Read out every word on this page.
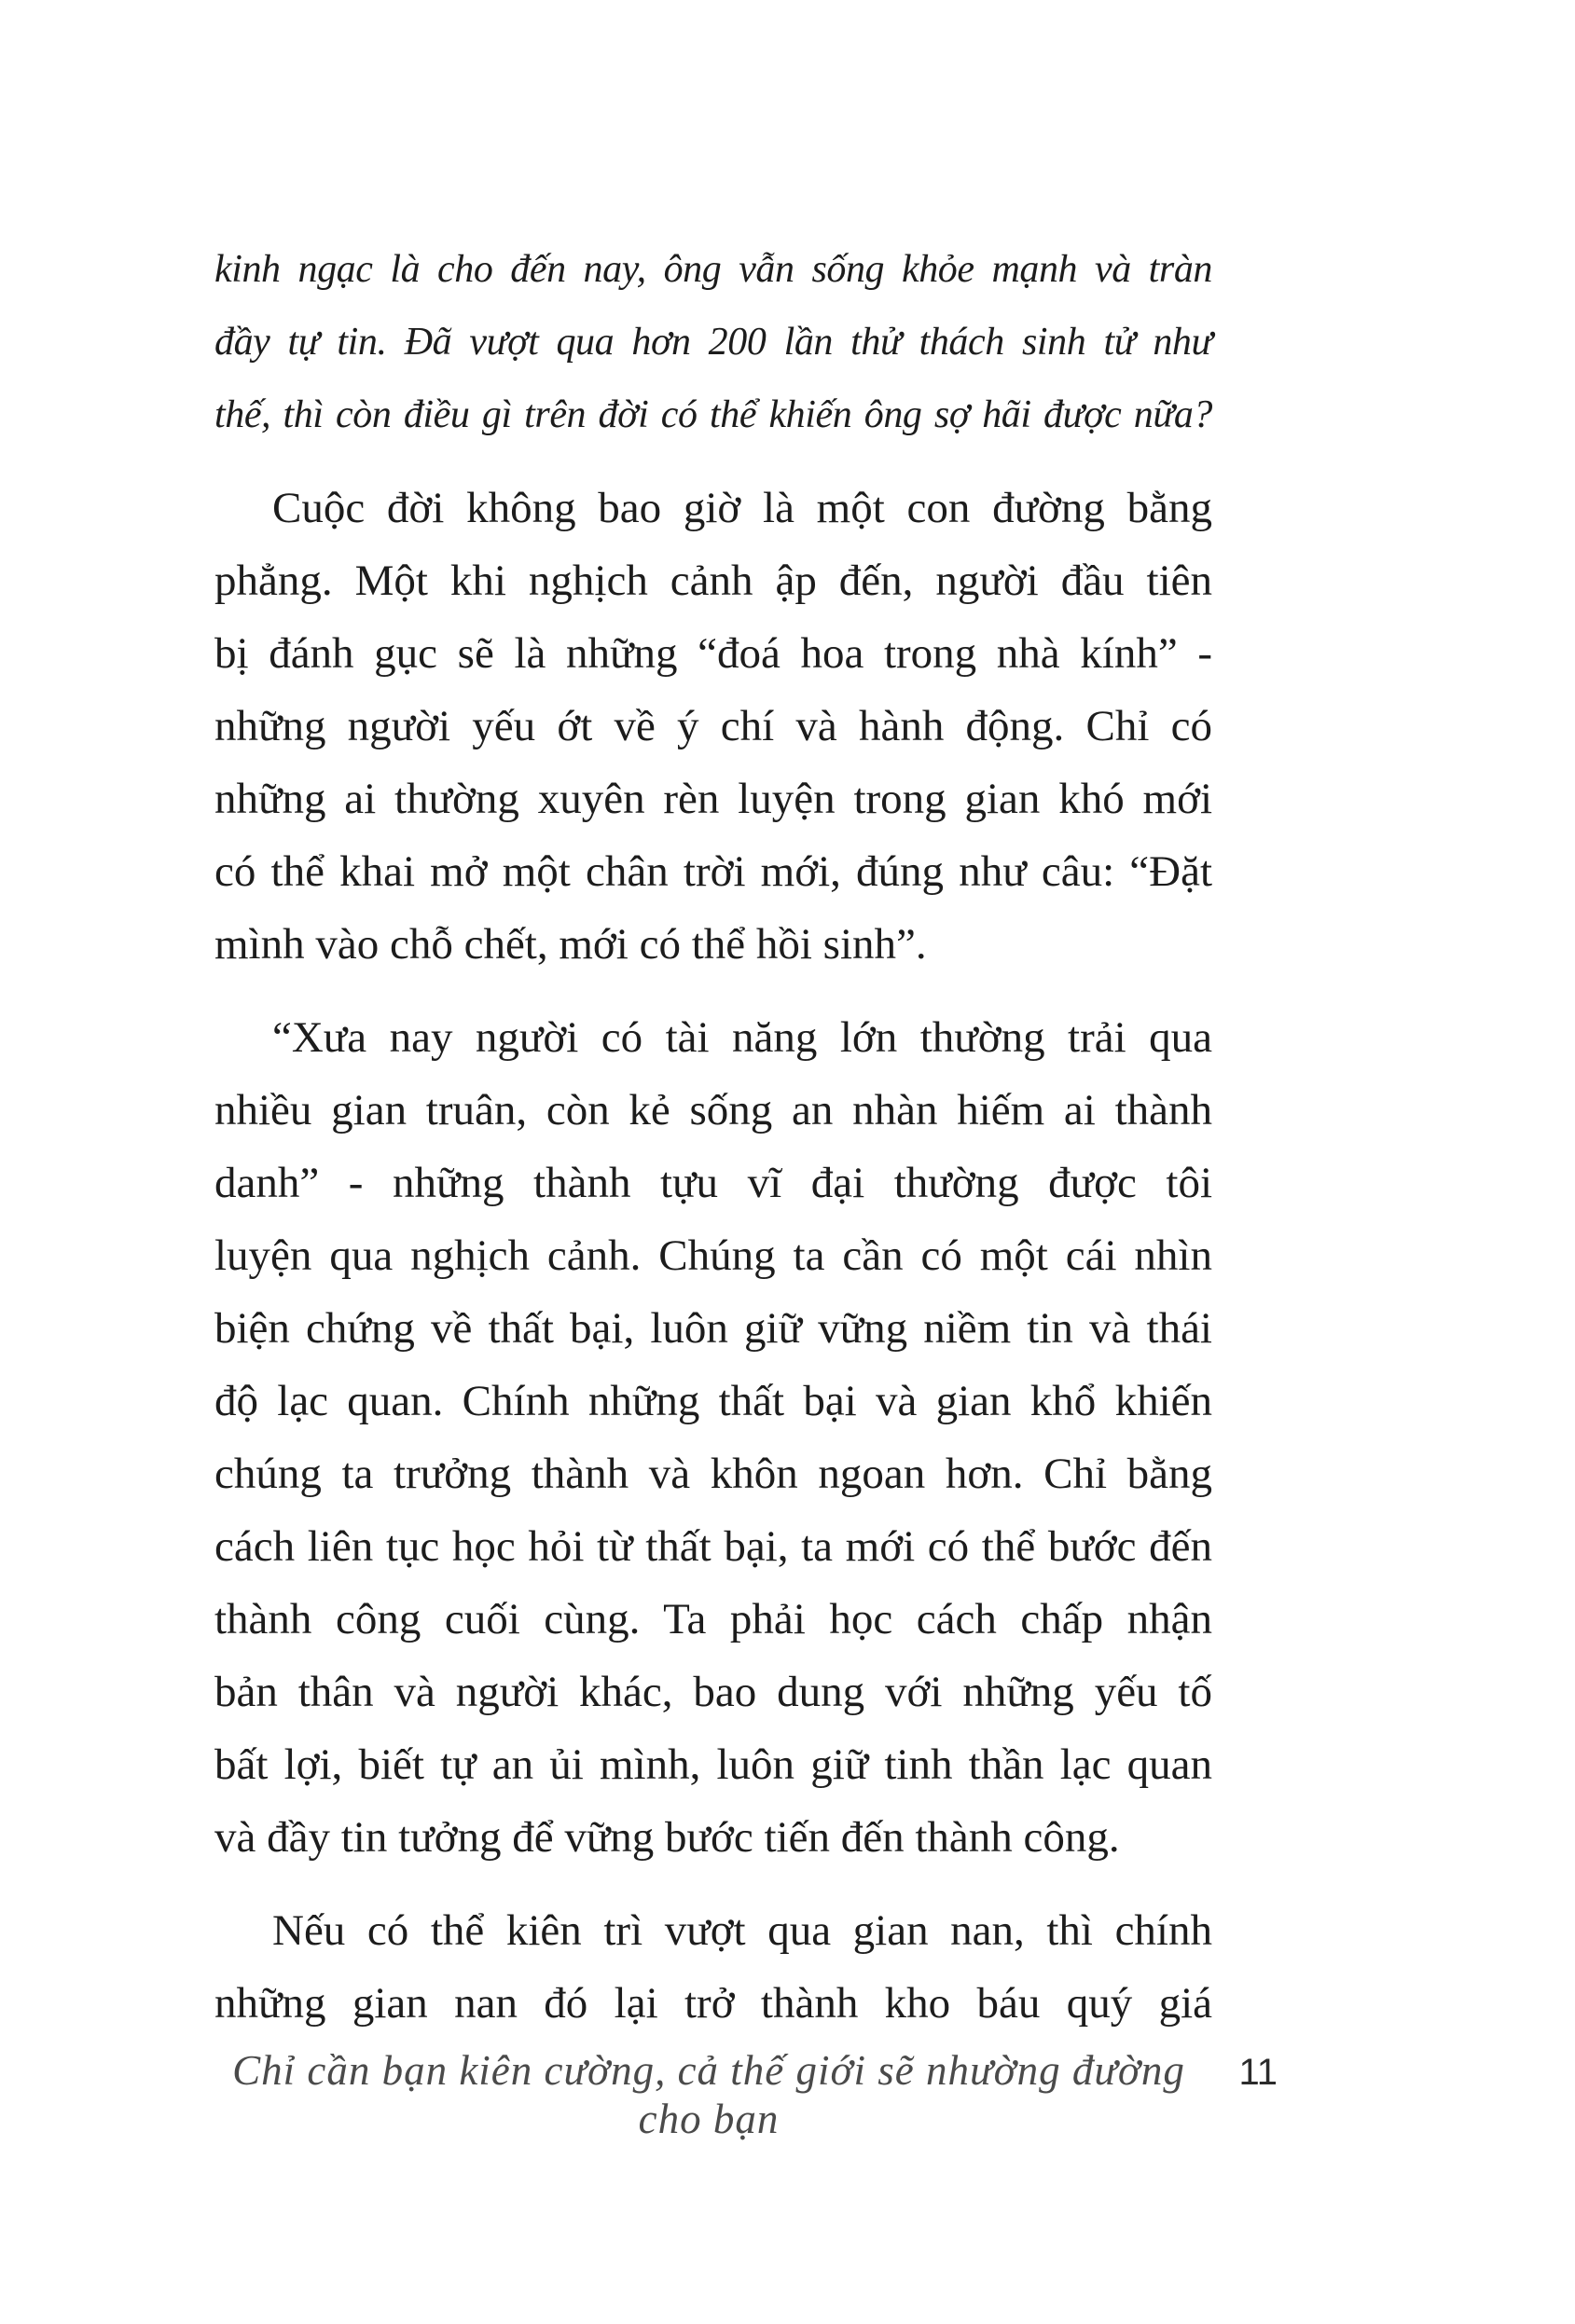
kinh ngạc là cho đến nay, ông vẫn sống khỏe mạnh và tràn
đầy tự tin. Đã vượt qua hơn 200 lần thử thách sinh tử như
thế, thì còn điều gì trên đời có thể khiến ông sợ hãi được nữa?
Cuộc đời không bao giờ là một con đường bằng
phẳng. Một khi nghịch cảnh ập đến, người đầu tiên
bị đánh gục sẽ là những “đoá hoa trong nhà kính” -
những người yếu ớt về ý chí và hành động. Chỉ có
những ai thường xuyên rèn luyện trong gian khó mới
có thể khai mở một chân trời mới, đúng như câu: “Đặt
mình vào chỗ chết, mới có thể hồi sinh”.
“Xưa nay người có tài năng lớn thường trải qua
nhiều gian truân, còn kẻ sống an nhàn hiếm ai thành
danh” - những thành tựu vĩ đại thường được tôi
luyện qua nghịch cảnh. Chúng ta cần có một cái nhìn
biện chứng về thất bại, luôn giữ vững niềm tin và thái
độ lạc quan. Chính những thất bại và gian khổ khiến
chúng ta trưởng thành và khôn ngoan hơn. Chỉ bằng
cách liên tục học hỏi từ thất bại, ta mới có thể bước đến
thành công cuối cùng. Ta phải học cách chấp nhận
bản thân và người khác, bao dung với những yếu tố
bất lợi, biết tự an ủi mình, luôn giữ tinh thần lạc quan
và đầy tin tưởng để vững bước tiến đến thành công.
Nếu có thể kiên trì vượt qua gian nan, thì chính
những gian nan đó lại trở thành kho báu quý giá
Chỉ cần bạn kiên cường, cả thế giới sẽ nhường đường cho bạn
11
